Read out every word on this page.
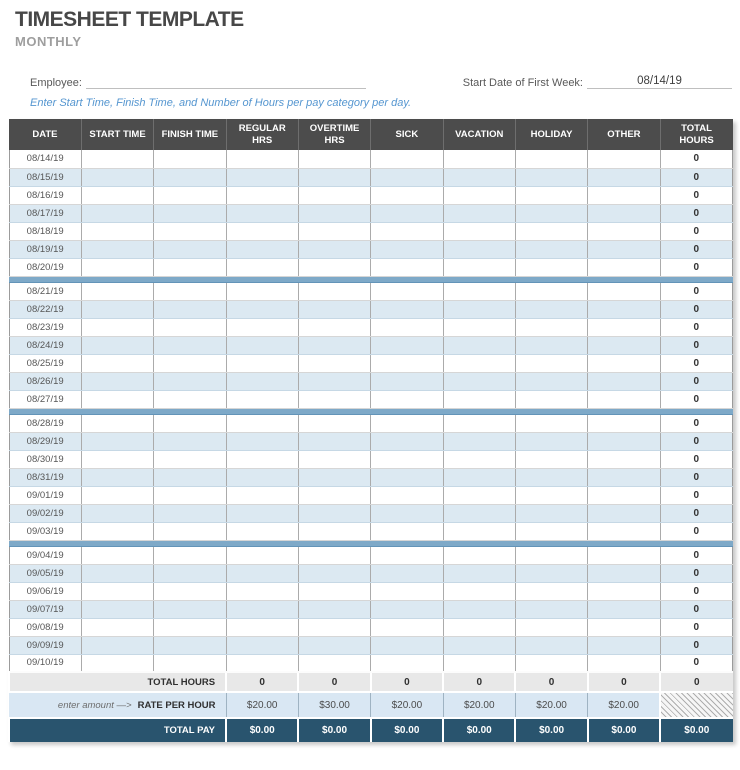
TIMESHEET TEMPLATE
MONTHLY
Employee:	Start Date of First Week:	08/14/19

Enter Start Time, Finish Time, and Number of Hours per pay category per day.

DATE	START TIME	FINISH TIME	REGULAR HRS	OVERTIME HRS	SICK	VACATION	HOLIDAY	OTHER	TOTAL HOURS
08/14/19									0
08/15/19									0
08/16/19									0
08/17/19									0
08/18/19									0
08/19/19									0
08/20/19									0

08/21/19									0
08/22/19									0
08/23/19									0
08/24/19									0
08/25/19									0
08/26/19									0
08/27/19									0

08/28/19									0
08/29/19									0
08/30/19									0
08/31/19									0
09/01/19									0
09/02/19									0
09/03/19									0

09/04/19									0
09/05/19									0
09/06/19									0
09/07/19									0
09/08/19									0
09/09/19									0
09/10/19									0
TOTAL HOURS			0	0	0	0	0	0	0
enter amount —> RATE PER HOUR			$20.00	$30.00	$20.00	$20.00	$20.00	$20.00	
TOTAL PAY			$0.00	$0.00	$0.00	$0.00	$0.00	$0.00	$0.00
